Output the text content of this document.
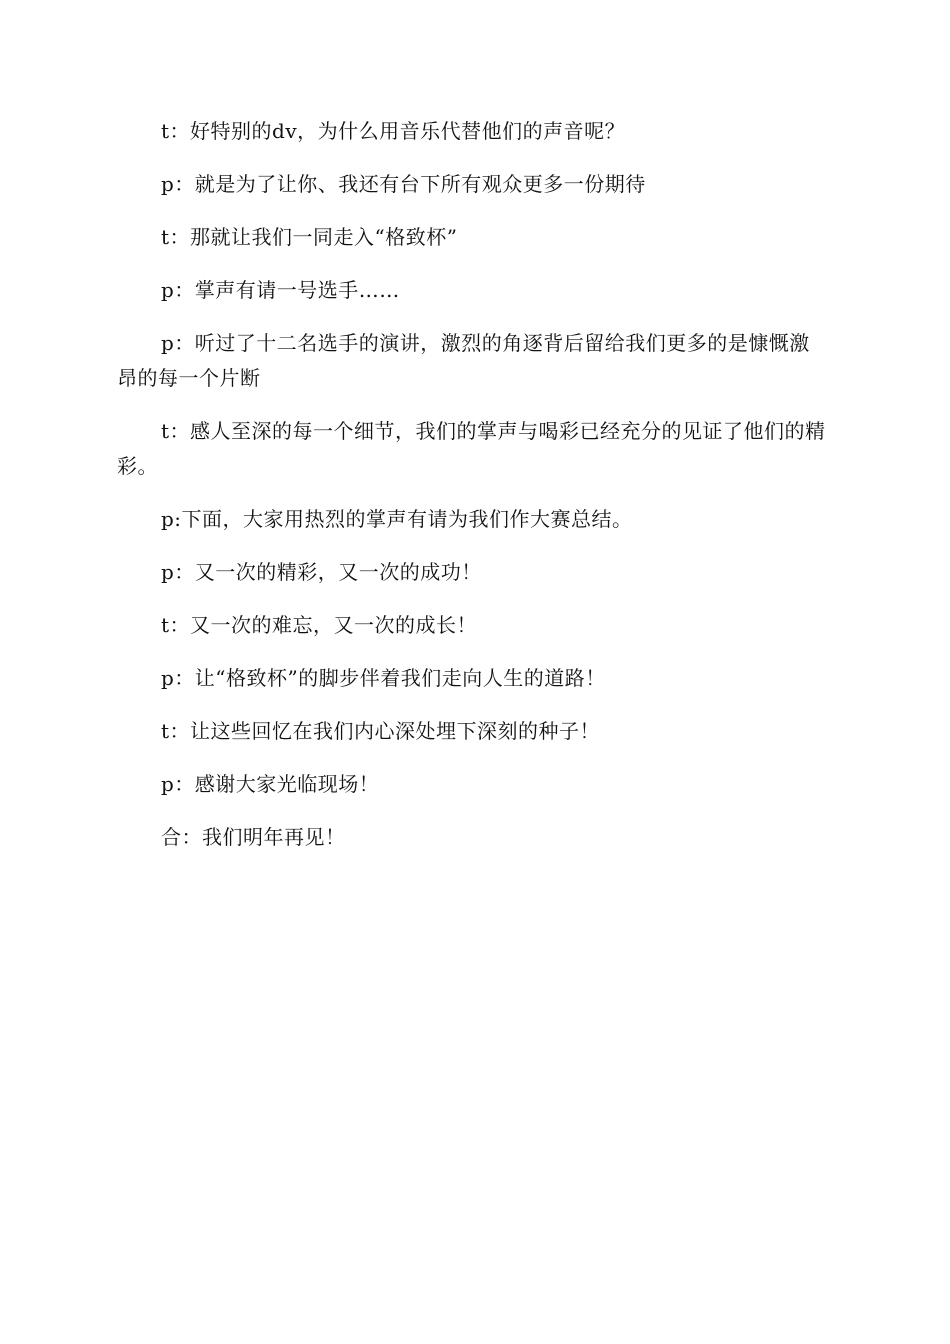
t：好特别的dv，为什么用音乐代替他们的声音呢？

p：就是为了让你、我还有台下所有观众更多一份期待

t：那就让我们一同走入“格致杯”

p：掌声有请一号选手……

p：听过了十二名选手的演讲，激烈的角逐背后留给我们更多的是慷慨激昂的每一个片断

t：感人至深的每一个细节，我们的掌声与喝彩已经充分的见证了他们的精彩。

p:下面，大家用热烈的掌声有请为我们作大赛总结。

p：又一次的精彩，又一次的成功！

t：又一次的难忘，又一次的成长！

p：让“格致杯”的脚步伴着我们走向人生的道路！

t：让这些回忆在我们内心深处埋下深刻的种子！

p：感谢大家光临现场！

合：我们明年再见！
